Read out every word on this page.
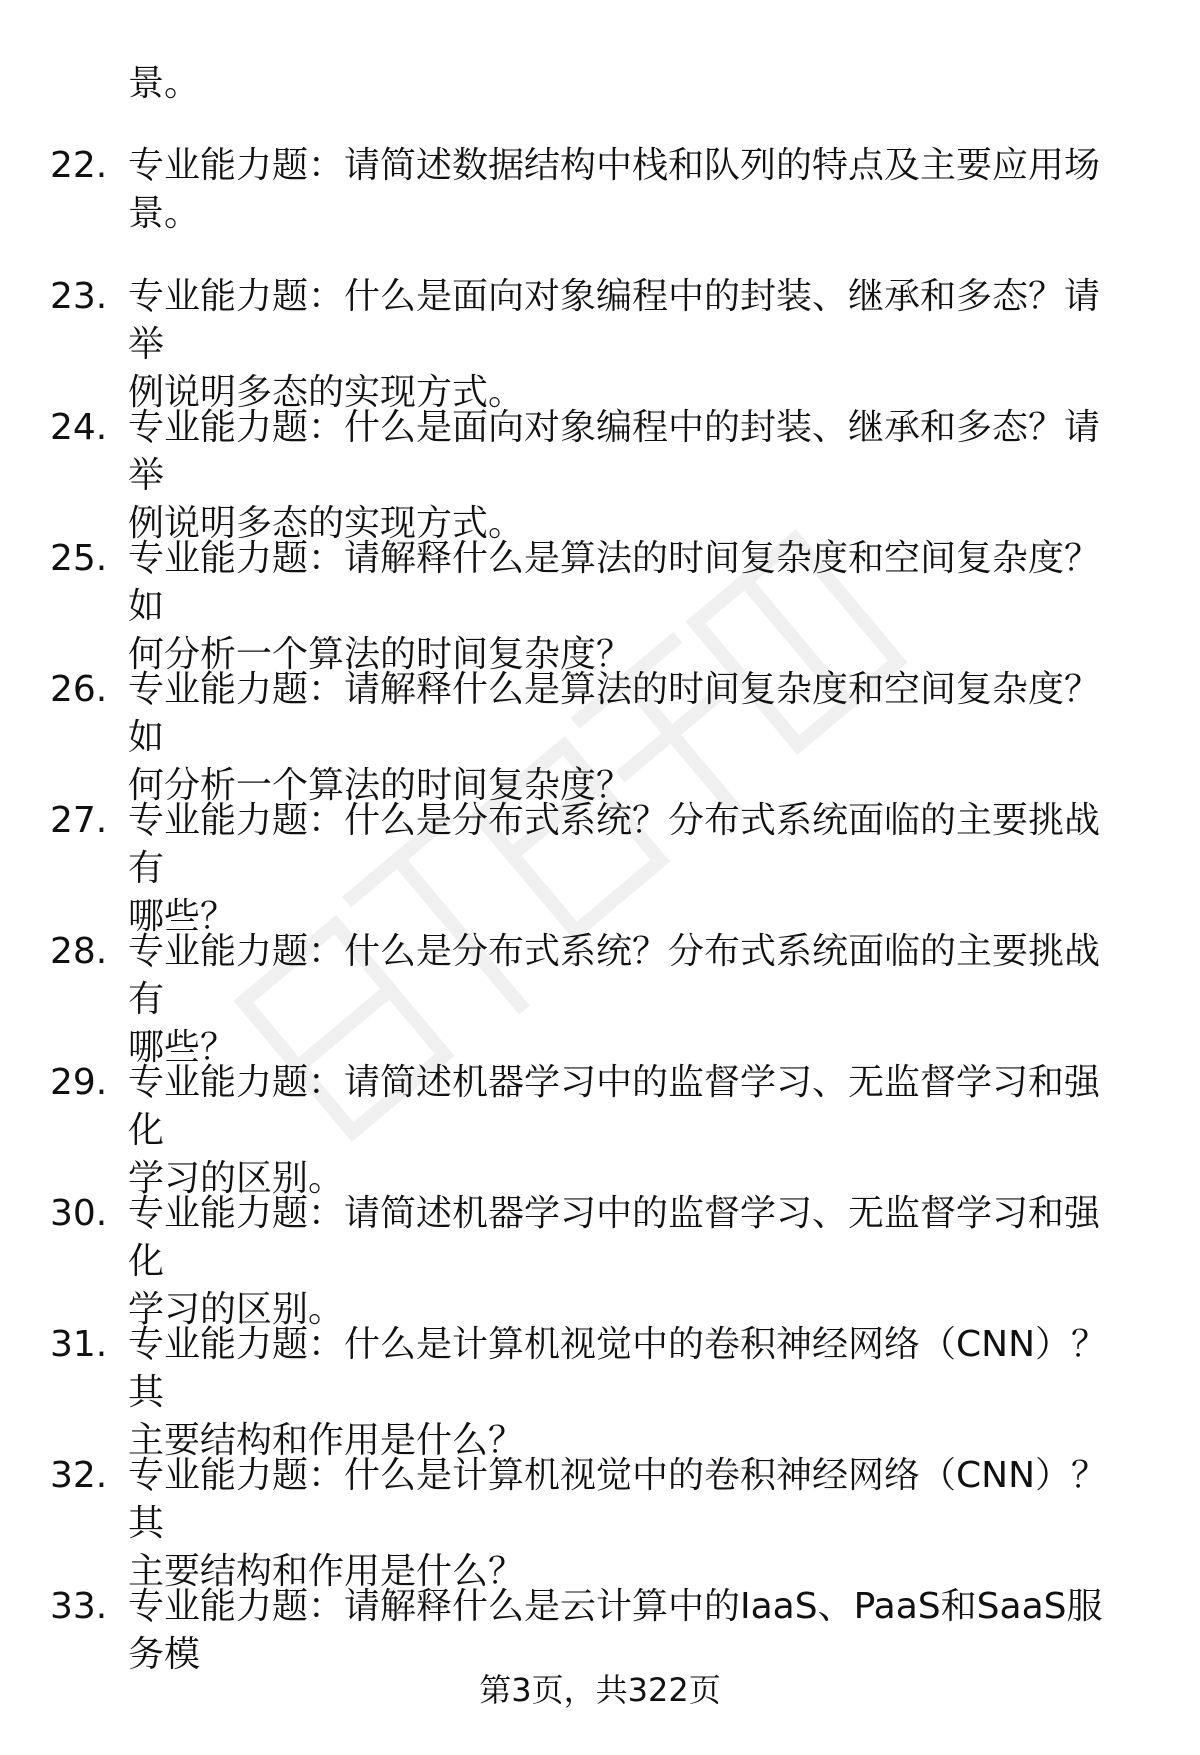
景。

22. 专业能力题：请简述数据结构中栈和队列的特点及主要应用场
景。
23. 专业能力题：什么是面向对象编程中的封装、继承和多态？请举
例说明多态的实现方式。
24. 专业能力题：什么是面向对象编程中的封装、继承和多态？请举
例说明多态的实现方式。
25. 专业能力题：请解释什么是算法的时间复杂度和空间复杂度？如
何分析一个算法的时间复杂度？
26. 专业能力题：请解释什么是算法的时间复杂度和空间复杂度？如
何分析一个算法的时间复杂度？
27. 专业能力题：什么是分布式系统？分布式系统面临的主要挑战有
哪些？
28. 专业能力题：什么是分布式系统？分布式系统面临的主要挑战有
哪些？
29. 专业能力题：请简述机器学习中的监督学习、无监督学习和强化
学习的区别。
30. 专业能力题：请简述机器学习中的监督学习、无监督学习和强化
学习的区别。
31. 专业能力题：什么是计算机视觉中的卷积神经网络（CNN）？其
主要结构和作用是什么？
32. 专业能力题：什么是计算机视觉中的卷积神经网络（CNN）？其
主要结构和作用是什么？
33. 专业能力题：请解释什么是云计算中的IaaS、PaaS和SaaS服务模
第3页，共322页
